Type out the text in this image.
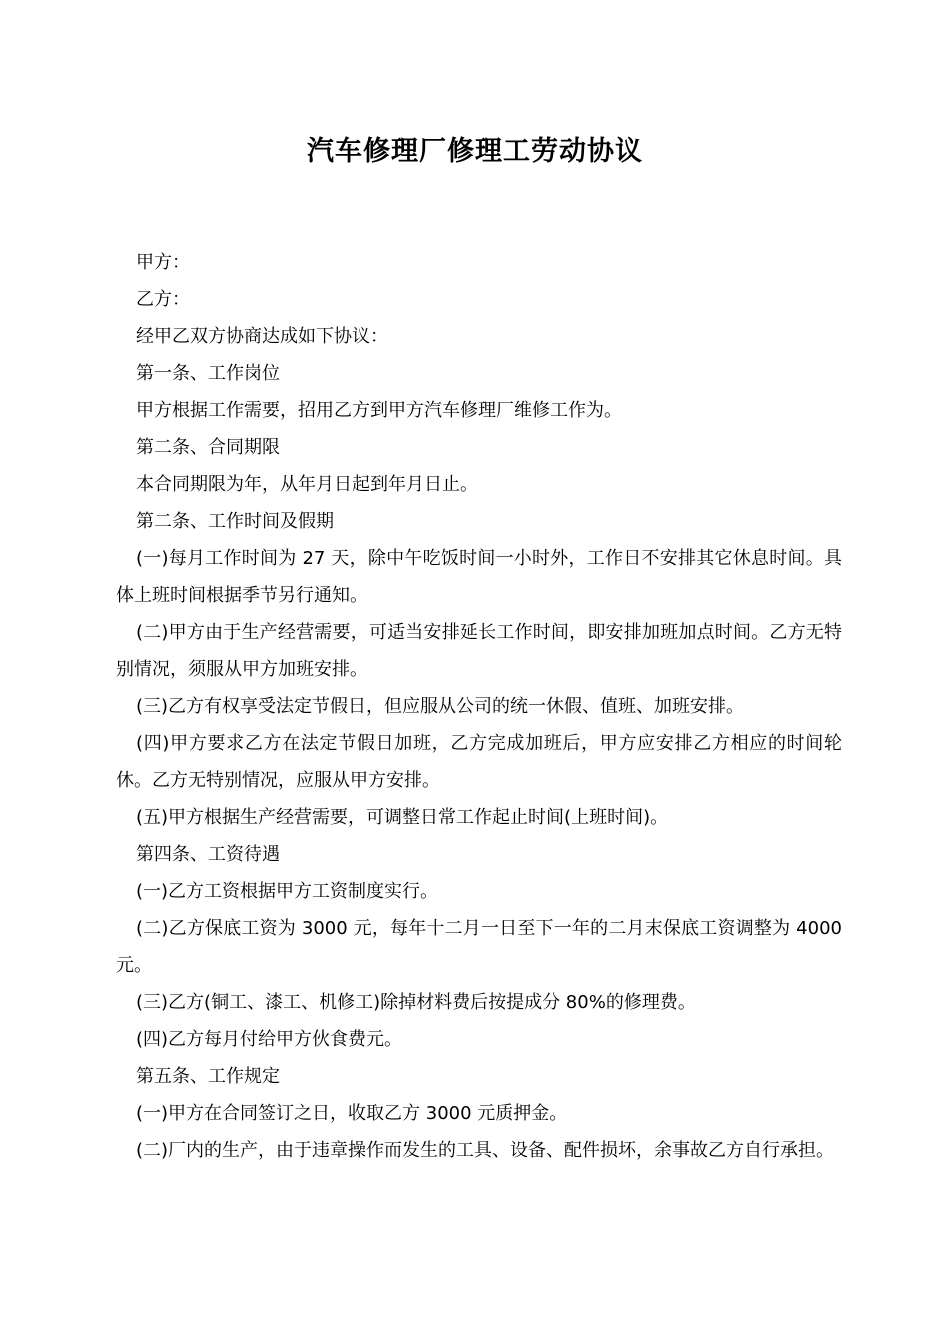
汽车修理厂修理工劳动协议

甲方：

乙方：

经甲乙双方协商达成如下协议：

第一条、工作岗位

甲方根据工作需要，招用乙方到甲方汽车修理厂维修工作为。

第二条、合同期限

本合同期限为年，从年月日起到年月日止。

第二条、工作时间及假期

(一)每月工作时间为 27 天，除中午吃饭时间一小时外，工作日不安排其它休息时间。具体上班时间根据季节另行通知。

(二)甲方由于生产经营需要，可适当安排延长工作时间，即安排加班加点时间。乙方无特别情况，须服从甲方加班安排。

(三)乙方有权享受法定节假日，但应服从公司的统一休假、值班、加班安排。

(四)甲方要求乙方在法定节假日加班，乙方完成加班后，甲方应安排乙方相应的时间轮休。乙方无特别情况，应服从甲方安排。

(五)甲方根据生产经营需要，可调整日常工作起止时间(上班时间)。

第四条、工资待遇

(一)乙方工资根据甲方工资制度实行。

(二)乙方保底工资为 3000 元，每年十二月一日至下一年的二月末保底工资调整为 4000 元。

(三)乙方(铜工、漆工、机修工)除掉材料费后按提成分 80%的修理费。

(四)乙方每月付给甲方伙食费元。

第五条、工作规定

(一)甲方在合同签订之日，收取乙方 3000 元质押金。

(二)厂内的生产，由于违章操作而发生的工具、设备、配件损坏，余事故乙方自行承担。
